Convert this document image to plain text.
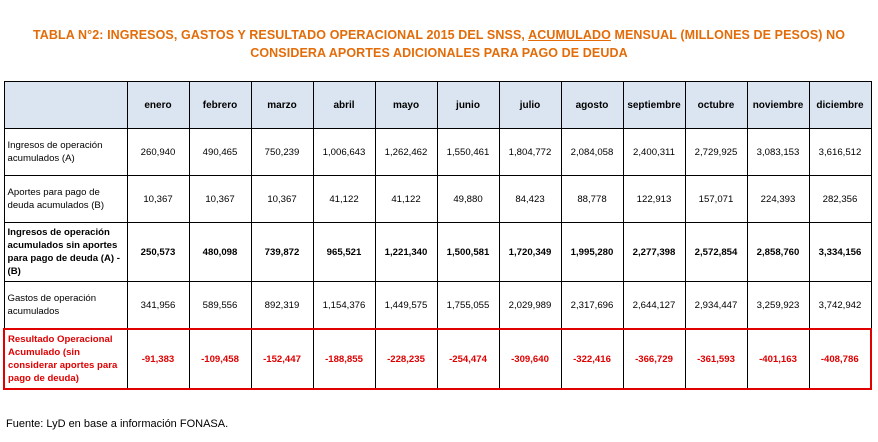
TABLA N°2: INGRESOS, GASTOS Y RESULTADO OPERACIONAL 2015 DEL SNSS, ACUMULADO MENSUAL (MILLONES DE PESOS) NO
CONSIDERA APORTES ADICIONALES PARA PAGO DE DEUDA
	enero	febrero	marzo	abril	mayo	junio	julio	agosto	septiembre	octubre	noviembre	diciembre
Ingresos de operación acumulados (A)	260,940	490,465	750,239	1,006,643	1,262,462	1,550,461	1,804,772	2,084,058	2,400,311	2,729,925	3,083,153	3,616,512
Aportes para pago de deuda acumulados (B)	10,367	10,367	10,367	41,122	41,122	49,880	84,423	88,778	122,913	157,071	224,393	282,356
Ingresos de operación acumulados sin aportes para pago de deuda (A) - (B)	250,573	480,098	739,872	965,521	1,221,340	1,500,581	1,720,349	1,995,280	2,277,398	2,572,854	2,858,760	3,334,156
Gastos de operación acumulados	341,956	589,556	892,319	1,154,376	1,449,575	1,755,055	2,029,989	2,317,696	2,644,127	2,934,447	3,259,923	3,742,942
Resultado Operacional Acumulado (sin considerar aportes para pago de deuda)	-91,383	-109,458	-152,447	-188,855	-228,235	-254,474	-309,640	-322,416	-366,729	-361,593	-401,163	-408,786
Fuente: LyD en base a información FONASA.
